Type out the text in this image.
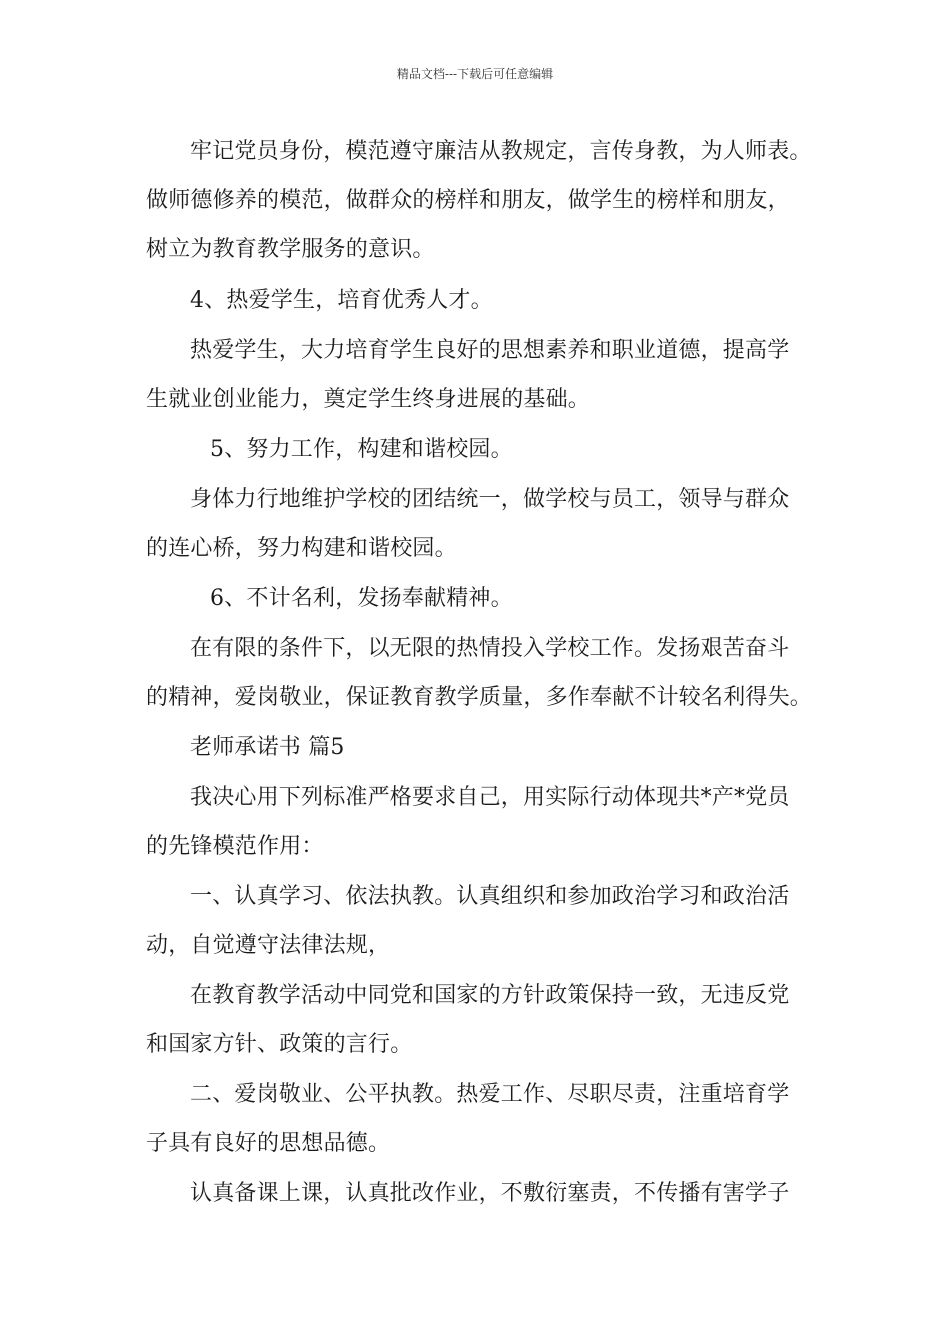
精品文档---下载后可任意编辑
牢记党员身份，模范遵守廉洁从教规定，言传身教，为人师表。
做师德修养的模范，做群众的榜样和朋友，做学生的榜样和朋友，
树立为教育教学服务的意识。
4、热爱学生，培育优秀人才。
热爱学生，大力培育学生良好的思想素养和职业道德，提高学
生就业创业能力，奠定学生终身进展的基础。
5、努力工作，构建和谐校园。
身体力行地维护学校的团结统一，做学校与员工，领导与群众
的连心桥，努力构建和谐校园。
6、不计名利，发扬奉献精神。
在有限的条件下，以无限的热情投入学校工作。发扬艰苦奋斗
的精神，爱岗敬业，保证教育教学质量，多作奉献不计较名利得失。
老师承诺书 篇5
我决心用下列标准严格要求自己，用实际行动体现共*产*党员
的先锋模范作用：
一、认真学习、依法执教。认真组织和参加政治学习和政治活
动，自觉遵守法律法规，
在教育教学活动中同党和国家的方针政策保持一致，无违反党
和国家方针、政策的言行。
二、爱岗敬业、公平执教。热爱工作、尽职尽责，注重培育学
子具有良好的思想品德。
认真备课上课，认真批改作业，不敷衍塞责，不传播有害学子
